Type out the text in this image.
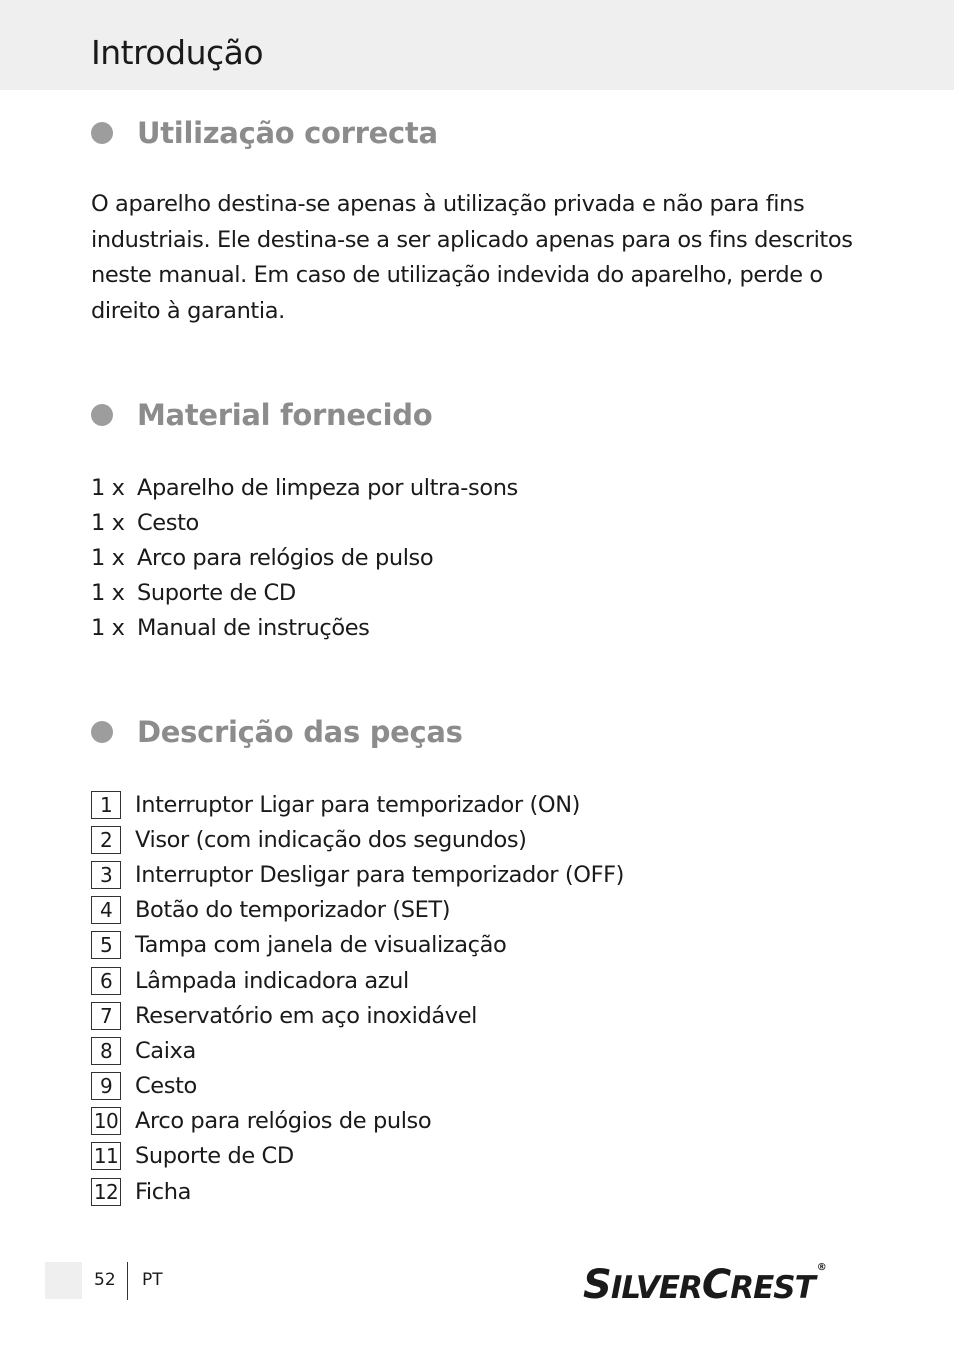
Introdução
Utilização correcta

O aparelho destina-se apenas à utilização privada e não para fins industriais. Ele destina-se a ser aplicado apenas para os fins descritos neste manual. Em caso de utilização indevida do aparelho, perde o direito à garantia.

Material fornecido
1 x Aparelho de limpeza por ultra-sons
1 x Cesto
1 x Arco para relógios de pulso
1 x Suporte de CD
1 x Manual de instruções
Descrição das peças
1	Interruptor Ligar para temporizador (ON)
2	Visor (com indicação dos segundos)
3	Interruptor Desligar para temporizador (OFF)
4	Botão do temporizador (SET)
5	Tampa com janela de visualização
6	Lâmpada indicadora azul
7	Reservatório em aço inoxidável
8	Caixa
9	Cesto
10 Arco para relógios de pulso
11 Suporte de CD
12 Ficha
52 PT	SILVERCREST®
